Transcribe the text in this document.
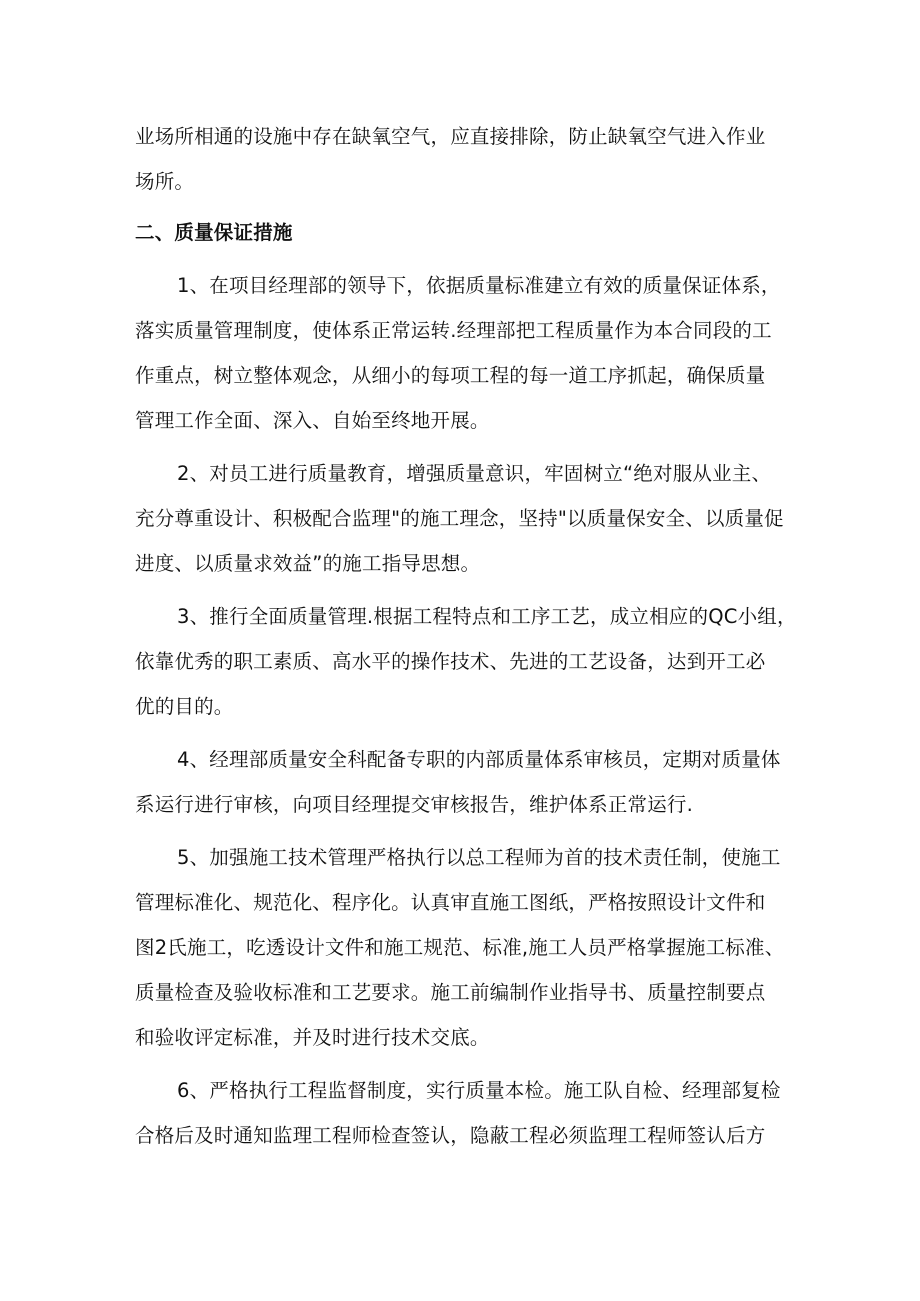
业场所相通的设施中存在缺氧空气，应直接排除，防止缺氧空气进入作业
场所。

二、质量保证措施

1、在项目经理部的领导下，依据质量标准建立有效的质量保证体系，
落实质量管理制度，使体系正常运转.经理部把工程质量作为本合同段的工
作重点，树立整体观念，从细小的每项工程的每一道工序抓起，确保质量
管理工作全面、深入、自始至终地开展。

2、对员工进行质量教育，增强质量意识，牢固树立“绝对服从业主、
充分尊重设计、积极配合监理"的施工理念，坚持"以质量保安全、以质量促
进度、以质量求效益”的施工指导思想。

3、推行全面质量管理.根据工程特点和工序工艺，成立相应的QC小组，
依靠优秀的职工素质、高水平的操作技术、先进的工艺设备，达到开工必
优的目的。

4、经理部质量安全科配备专职的内部质量体系审核员，定期对质量体
系运行进行审核，向项目经理提交审核报告，维护体系正常运行.

5、加强施工技术管理严格执行以总工程师为首的技术责任制，使施工
管理标准化、规范化、程序化。认真审直施工图纸，严格按照设计文件和
图2氏施工，吃透设计文件和施工规范、标准,施工人员严格掌握施工标准、
质量检查及验收标准和工艺要求。施工前编制作业指导书、质量控制要点
和验收评定标准，并及时进行技术交底。

6、严格执行工程监督制度，实行质量本检。施工队自检、经理部复检
合格后及时通知监理工程师检查签认，隐蔽工程必须监理工程师签认后方
